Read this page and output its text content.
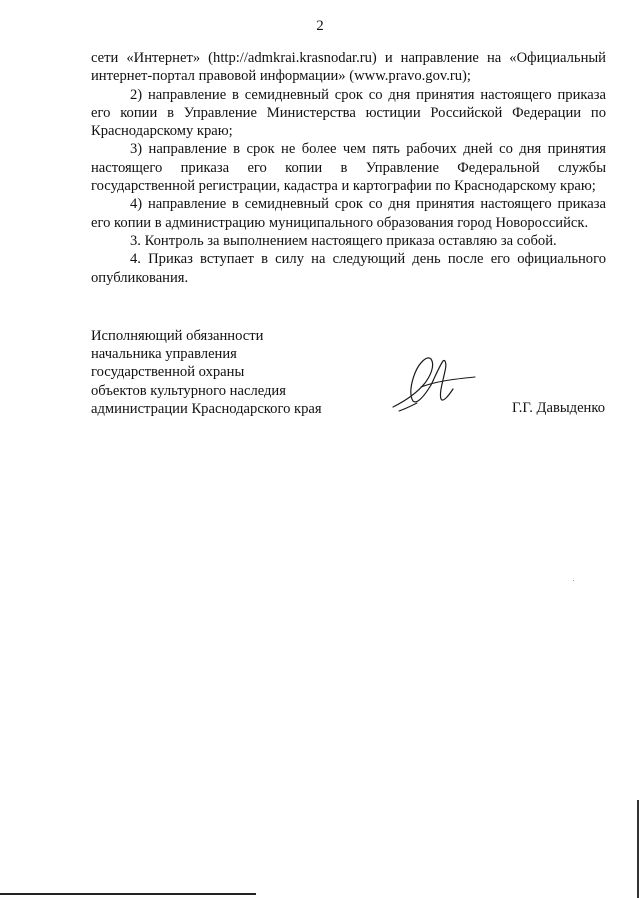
2

сети «Интернет» (http://admkrai.krasnodar.ru) и направление на «Официальный интернет-портал правовой информации» (www.pravo.gov.ru);

2) направление в семидневный срок со дня принятия настоящего приказа его копии в Управление Министерства юстиции Российской Федерации по Краснодарскому краю;

3) направление в срок не более чем пять рабочих дней со дня принятия настоящего приказа его копии в Управление Федеральной службы государственной регистрации, кадастра и картографии по Краснодарскому краю;

4) направление в семидневный срок со дня принятия настоящего приказа его копии в администрацию муниципального образования город Новороссийск.

3. Контроль за выполнением настоящего приказа оставляю за собой.

4. Приказ вступает в силу на следующий день после его официального опубликования.

Исполняющий обязанности
начальника управления
государственной охраны
объектов культурного наследия
администрации Краснодарского края	Г.Г. Давыденко
